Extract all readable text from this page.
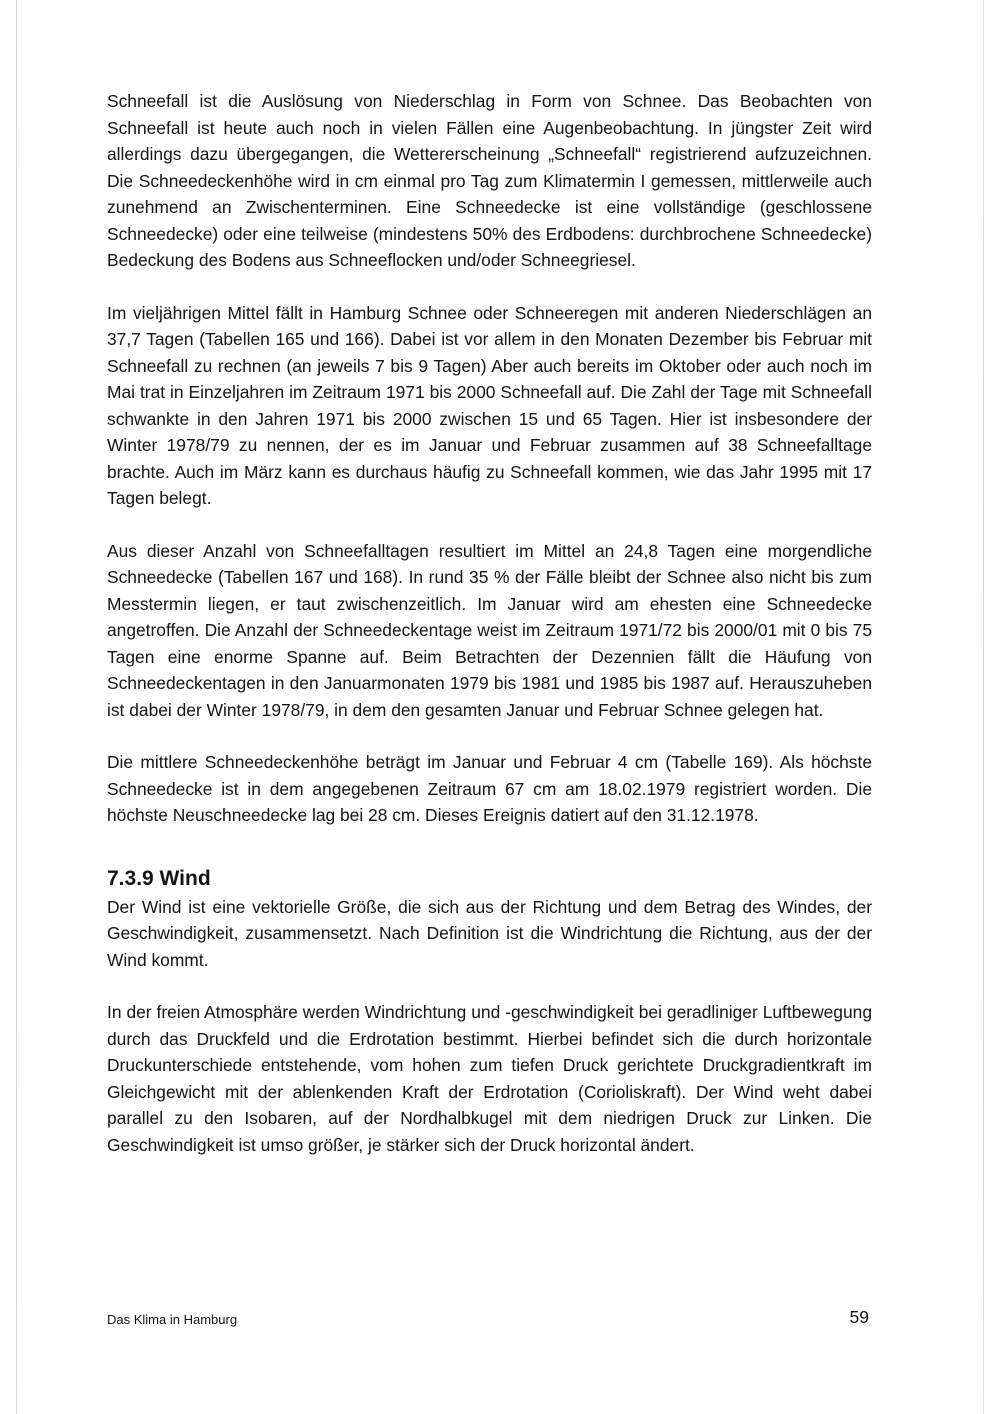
Schneefall ist die Auslösung von Niederschlag in Form von Schnee. Das Beobachten von Schneefall ist heute auch noch in vielen Fällen eine Augenbeobachtung. In jüngster Zeit wird allerdings dazu übergegangen, die Wettererscheinung „Schneefall“ registrierend aufzuzeichnen. Die Schneedeckenhöhe wird in cm einmal pro Tag zum Klimatermin I gemessen, mittlerweile auch zunehmend an Zwischenterminen. Eine Schneedecke ist eine vollständige (geschlossene Schneedecke) oder eine teilweise (mindestens 50% des Erdbodens: durchbrochene Schneedecke) Bedeckung des Bodens aus Schneeflocken und/oder Schneegriesel.

Im vieljährigen Mittel fällt in Hamburg Schnee oder Schneeregen mit anderen Niederschlägen an 37,7 Tagen (Tabellen 165 und 166). Dabei ist vor allem in den Monaten Dezember bis Februar mit Schneefall zu rechnen (an jeweils 7 bis 9 Tagen) Aber auch bereits im Oktober oder auch noch im Mai trat in Einzeljahren im Zeitraum 1971 bis 2000 Schneefall auf. Die Zahl der Tage mit Schneefall schwankte in den Jahren 1971 bis 2000 zwischen 15 und 65 Tagen. Hier ist insbesondere der Winter 1978/79 zu nennen, der es im Januar und Februar zusammen auf 38 Schneefalltage brachte. Auch im März kann es durchaus häufig zu Schneefall kommen, wie das Jahr 1995 mit 17 Tagen belegt.

Aus dieser Anzahl von Schneefalltagen resultiert im Mittel an 24,8 Tagen eine morgendliche Schneedecke (Tabellen 167 und 168). In rund 35 % der Fälle bleibt der Schnee also nicht bis zum Messtermin liegen, er taut zwischenzeitlich. Im Januar wird am ehesten eine Schneedecke angetroffen. Die Anzahl der Schneedeckentage weist im Zeitraum 1971/72 bis 2000/01 mit 0 bis 75 Tagen eine enorme Spanne auf. Beim Betrachten der Dezennien fällt die Häufung von Schneedeckentagen in den Januarmonaten 1979 bis 1981 und 1985 bis 1987 auf. Herauszuheben ist dabei der Winter 1978/79, in dem den gesamten Januar und Februar Schnee gelegen hat.

Die mittlere Schneedeckenhöhe beträgt im Januar und Februar 4 cm (Tabelle 169). Als höchste Schneedecke ist in dem angegebenen Zeitraum 67 cm am 18.02.1979 registriert worden. Die höchste Neuschneedecke lag bei 28 cm. Dieses Ereignis datiert auf den 31.12.1978.

7.3.9 Wind

Der Wind ist eine vektorielle Größe, die sich aus der Richtung und dem Betrag des Windes, der Geschwindigkeit, zusammensetzt. Nach Definition ist die Windrichtung die Richtung, aus der der Wind kommt.

In der freien Atmosphäre werden Windrichtung und -geschwindigkeit bei geradliniger Luftbewegung durch das Druckfeld und die Erdrotation bestimmt. Hierbei befindet sich die durch horizontale Druckunterschiede entstehende, vom hohen zum tiefen Druck gerichtete Druckgradientkraft im Gleichgewicht mit der ablenkenden Kraft der Erdrotation (Corioliskraft). Der Wind weht dabei parallel zu den Isobaren, auf der Nordhalbkugel mit dem niedrigen Druck zur Linken. Die Geschwindigkeit ist umso größer, je stärker sich der Druck horizontal ändert.

Das Klima in Hamburg	59
